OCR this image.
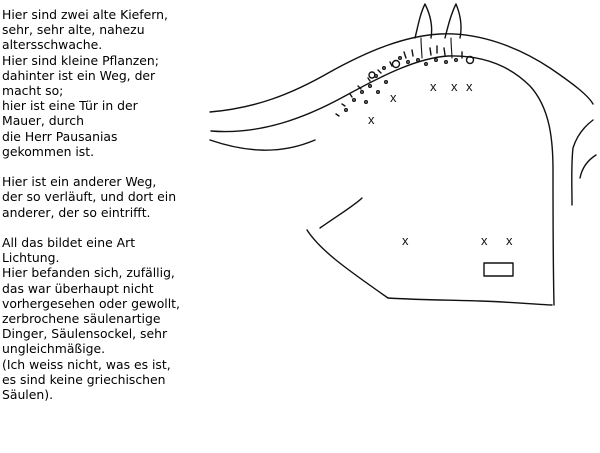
Hier sind zwei alte Kiefern,
sehr, sehr alte, nahezu
altersschwache.
Hier sind kleine Pflanzen;
dahinter ist ein Weg, der
macht so;
hier ist eine Tür in der
Mauer, durch
die Herr Pausanias
gekommen ist.

Hier ist ein anderer Weg,
der so verläuft, und dort ein
anderer, der so eintrifft.

All das bildet eine Art
Lichtung.
Hier befanden sich, zufällig,
das war überhaupt nicht
vorhergesehen oder gewollt,
zerbrochene säulenartige
Dinger, Säulensockel, sehr
ungleichmäßige.
(Ich weiss nicht, was es ist,
es sind keine griechischen
Säulen).

x
x
x x x
x	x x
